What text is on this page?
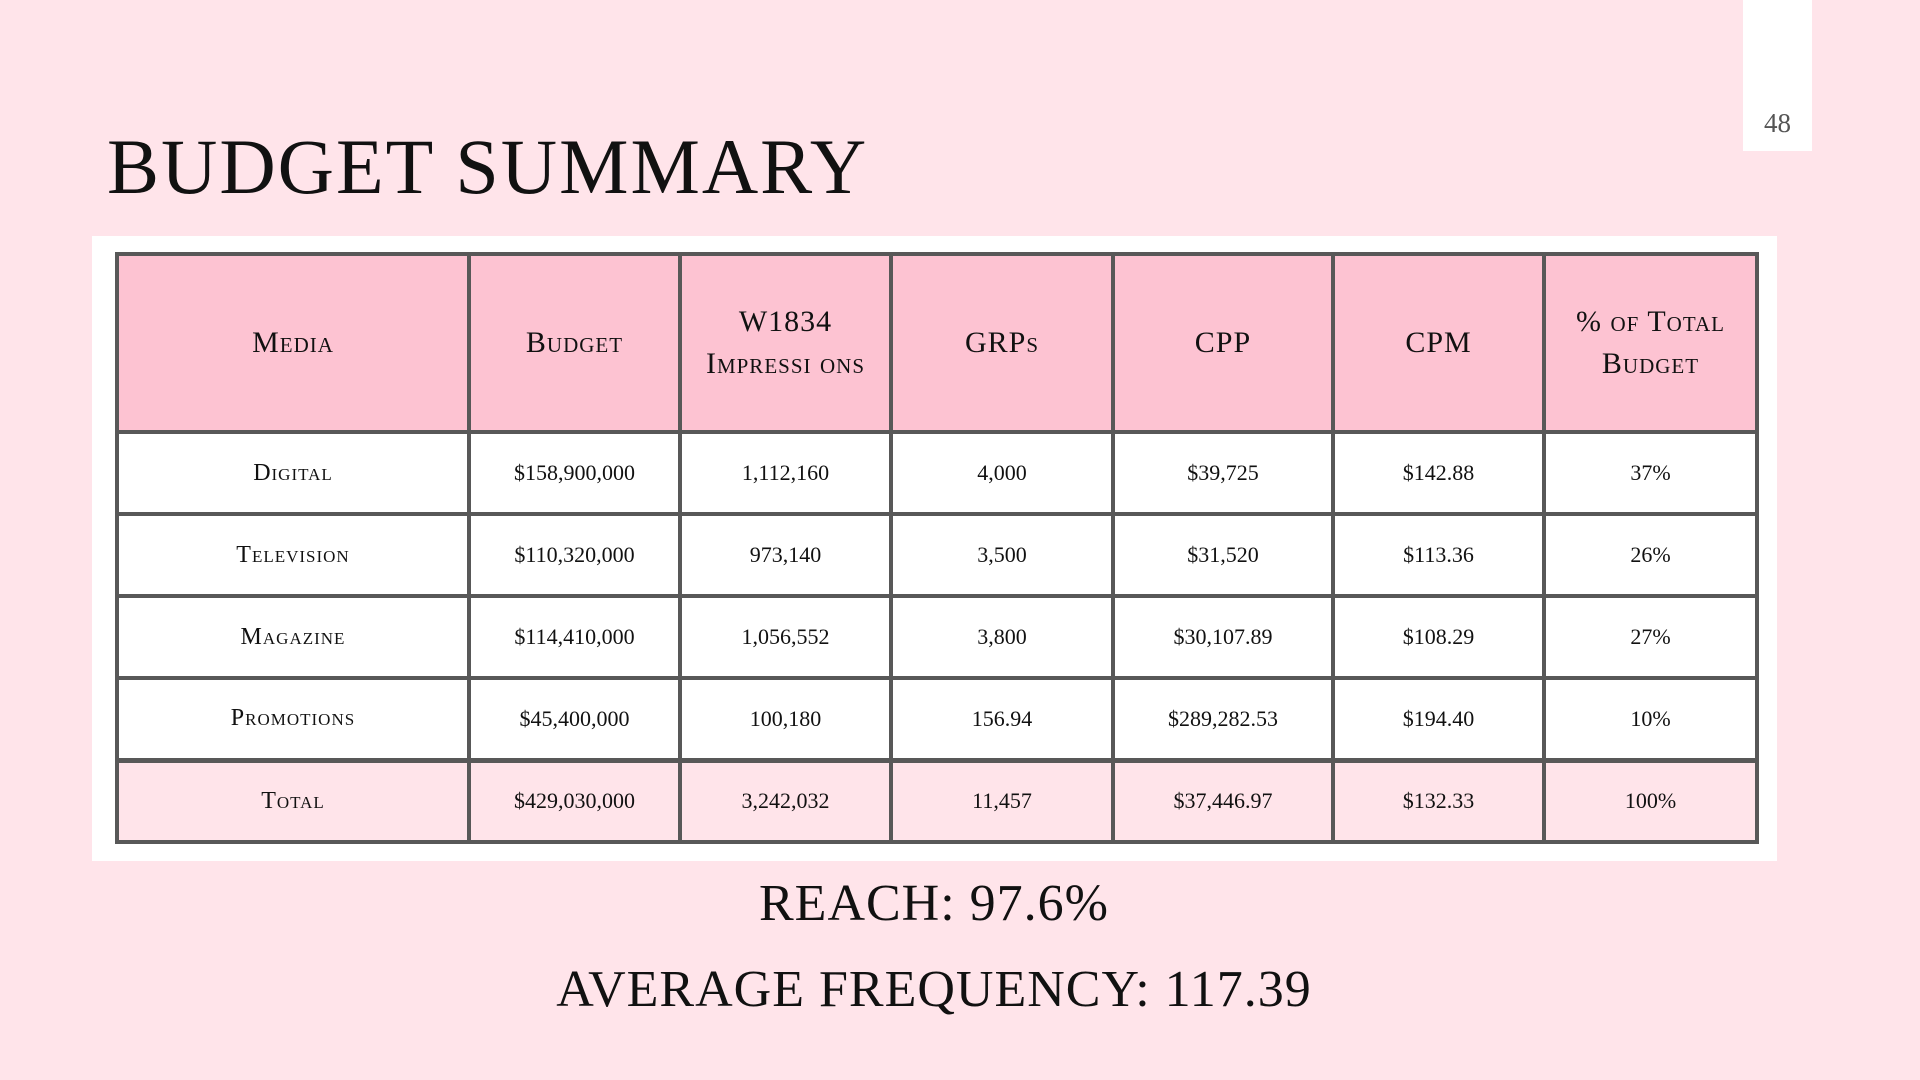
48
BUDGET SUMMARY
Media	Budget	W1834 Impressi ons	GRPs	CPP	CPM	% of Total Budget
Digital	$158,900,000	1,112,160	4,000	$39,725	$142.88	37%
Television	$110,320,000	973,140	3,500	$31,520	$113.36	26%
Magazine	$114,410,000	1,056,552	3,800	$30,107.89	$108.29	27%
Promotions	$45,400,000	100,180	156.94	$289,282.53	$194.40	10%
Total	$429,030,000	3,242,032	11,457	$37,446.97	$132.33	100%
REACH: 97.6%
AVERAGE FREQUENCY: 117.39
